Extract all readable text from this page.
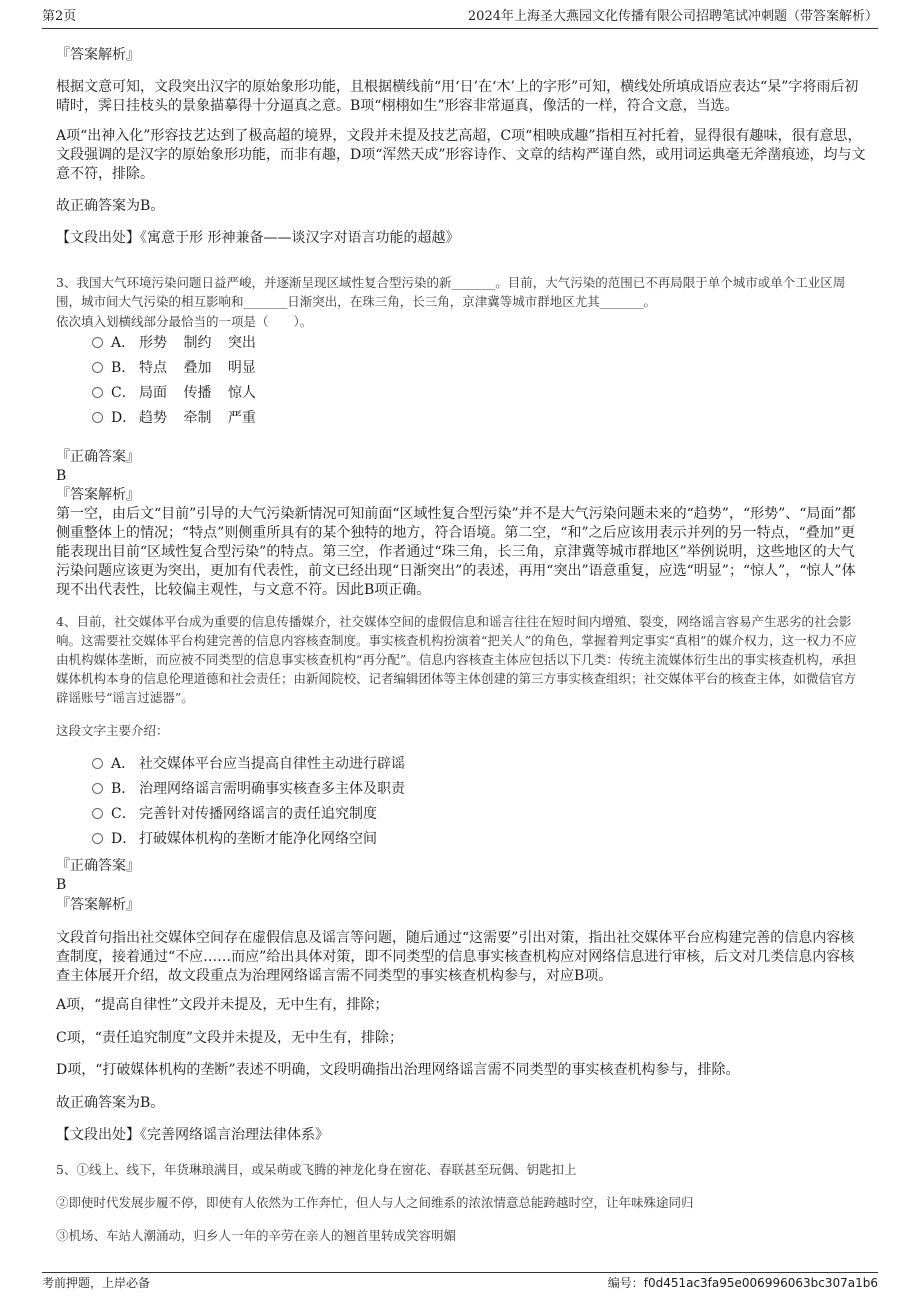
第2页	2024年上海圣大燕园文化传播有限公司招聘笔试冲刺题（带答案解析）
『答案解析』

根据文意可知，文段突出汉字的原始象形功能，且根据横线前“用‘日’在‘木’上的字形”可知，横线处所填成语应表达“杲”字将雨后初晴时，霁日挂枝头的景象描摹得十分逼真之意。B项“栩栩如生”形容非常逼真，像活的一样，符合文意，当选。

A项“出神入化”形容技艺达到了极高超的境界，文段并未提及技艺高超，C项“相映成趣”指相互衬托着，显得很有趣味，很有意思，文段强调的是汉字的原始象形功能，而非有趣，D项“浑然天成”形容诗作、文章的结构严谨自然，或用词运典毫无斧凿痕迹，均与文意不符，排除。

故正确答案为B。

【文段出处】《寓意于形 形神兼备——谈汉字对语言功能的超越》

3、我国大气环境污染问题日益严峻，并逐渐呈现区域性复合型污染的新_______。目前，大气污染的范围已不再局限于单个城市或单个工业区周围，城市间大气污染的相互影响和_______日渐突出，在珠三角，长三角，京津冀等城市群地区尤其_______。

依次填入划横线部分最恰当的一项是（　　）。

A． 形势 制约 突出
B． 特点 叠加 明显
C． 局面 传播 惊人
D． 趋势 牵制 严重
『正确答案』
B
『答案解析』

第一空，由后文“目前”引导的大气污染新情况可知前面“区域性复合型污染”并不是大气污染问题未来的“趋势”，“形势”、“局面”都侧重整体上的情况；“特点”则侧重所具有的某个独特的地方，符合语境。第二空，“和”之后应该用表示并列的另一特点，“叠加”更能表现出目前“区域性复合型污染”的特点。第三空，作者通过“珠三角，长三角，京津冀等城市群地区”举例说明，这些地区的大气污染问题应该更为突出，更加有代表性，前文已经出现“日渐突出”的表述，再用“突出”语意重复，应选“明显”；“惊人”，“惊人”体现不出代表性，比较偏主观性，与文意不符。因此B项正确。

4、目前，社交媒体平台成为重要的信息传播媒介，社交媒体空间的虚假信息和谣言往往在短时间内增殖、裂变，网络谣言容易产生恶劣的社会影响。这需要社交媒体平台构建完善的信息内容核查制度。事实核查机构扮演着“把关人”的角色，掌握着判定事实“真相”的媒介权力，这一权力不应由机构媒体垄断，而应被不同类型的信息事实核查机构“再分配”。信息内容核查主体应包括以下几类：传统主流媒体衍生出的事实核查机构，承担媒体机构本身的信息伦理道德和社会责任；由新闻院校、记者编辑团体等主体创建的第三方事实核查组织；社交媒体平台的核查主体，如微信官方辟谣账号“谣言过滤器”。

这段文字主要介绍：

A． 社交媒体平台应当提高自律性主动进行辟谣
B． 治理网络谣言需明确事实核查多主体及职责
C． 完善针对传播网络谣言的责任追究制度
D． 打破媒体机构的垄断才能净化网络空间
『正确答案』
B
『答案解析』

文段首句指出社交媒体空间存在虚假信息及谣言等问题，随后通过“这需要”引出对策，指出社交媒体平台应构建完善的信息内容核查制度，接着通过“不应……而应”给出具体对策，即不同类型的信息事实核查机构应对网络信息进行审核，后文对几类信息内容核查主体展开介绍，故文段重点为治理网络谣言需不同类型的事实核查机构参与，对应B项。

A项，“提高自律性”文段并未提及，无中生有，排除；

C项，“责任追究制度”文段并未提及，无中生有，排除；

D项，“打破媒体机构的垄断”表述不明确，文段明确指出治理网络谣言需不同类型的事实核查机构参与，排除。

故正确答案为B。

【文段出处】《完善网络谣言治理法律体系》

5、①线上、线下，年货琳琅满目，或呆萌或飞腾的神龙化身在窗花、春联甚至玩偶、钥匙扣上

②即使时代发展步履不停，即使有人依然为工作奔忙，但人与人之间维系的浓浓情意总能跨越时空，让年味殊途同归

③机场、车站人潮涌动，归乡人一年的辛劳在亲人的翘首里转成笑容明媚

考前押题，上岸必备	编号：f0d451ac3fa95e006996063bc307a1b6
